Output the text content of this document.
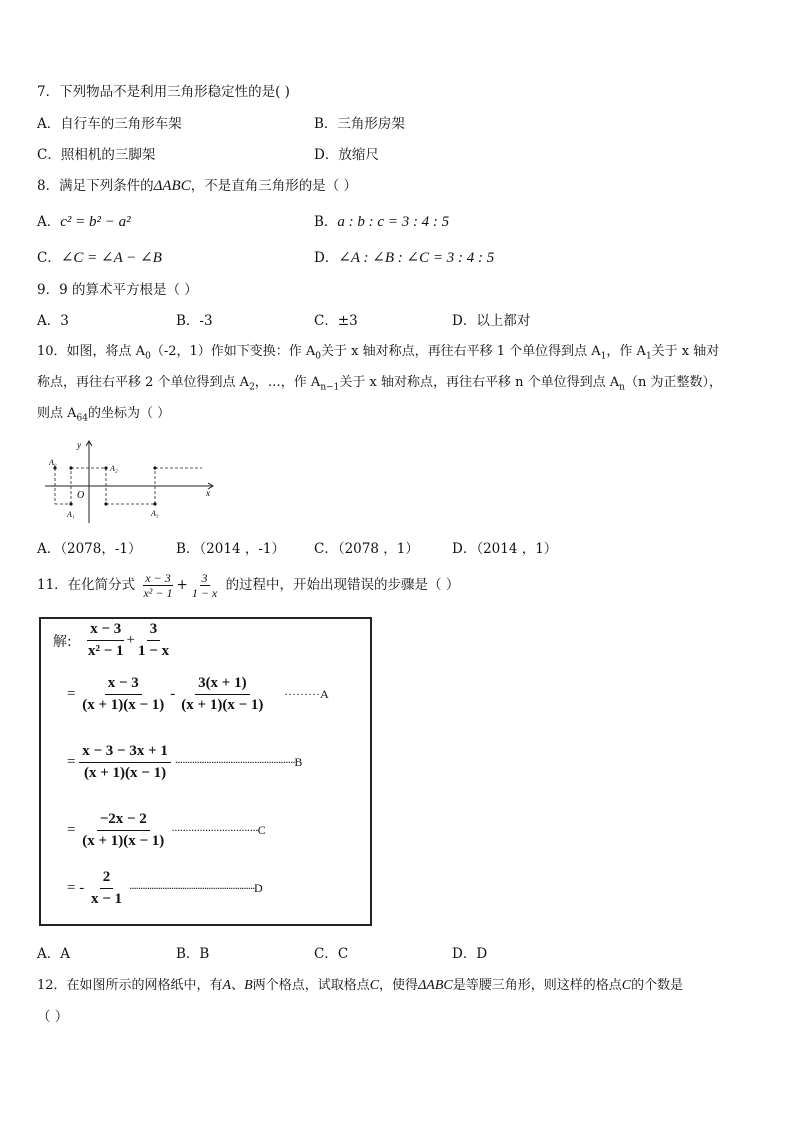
7．下列物品不是利用三角形稳定性的是( )
A．自行车的三角形车架	B．三角形房架
C．照相机的三脚架	D．放缩尺
8．满足下列条件的ΔABC，不是直角三角形的是（ ）
A．c² = b² − a²	B．a : b : c = 3 : 4 : 5
C．∠C = ∠A − ∠B	D．∠A : ∠B : ∠C = 3 : 4 : 5
9．9 的算术平方根是（ ）
A．3	B．-3	C．±3	D．以上都对
10．如图，将点 $A_0(-2$，1）作如下变换：作 $A_0$关于 x 轴对称点，再往右平移 1 个单位得到点 $A_1$，作 $A_1$关于 x 轴对
称点，再往右平移 2 个单位得到点 $A_2$，…，作 $A_{n-1}$关于 x 轴对称点，再往右平移 n 个单位得到点 $A_n(n$ 为正整数），
则点 $A_{64}$的坐标为（ ）
y
x
O
A₀
A₁
A₂
A₃
A．（2078，-1）	B．（2014 ，-1） C．（2078 ，1） D．（2014 ，1）
11．在化简分式 $\frac{x - 3}{\text{x² − 1}} + \frac{3}{1 - x}$ 的过程中，开始出现错误的步骤是（ ）
解: $\frac{x - 3}{\text{x² − 1}} + \frac{3}{1 - x}$
= $\frac{x - 3}{(x + 1)(x - 1)} - \frac{3(x + 1)}{(x + 1)(x - 1)} \cdot\cdot\cdot\cdot\cdot\cdot\cdot\cdot\cdot A$
= $\frac{x - 3 - 3x + 1}{(x + 1)(x - 1)} \cdot\cdot\cdot\cdot\cdot\cdot\cdot\cdot\cdot\cdot\cdot\cdot\cdot\cdot\cdot\cdot\cdot\cdot\cdot\cdot\cdot\cdot\cdot\cdot\cdot\cdot\cdot\cdot\cdot\cdot\cdot\cdot\cdot\cdot\cdot\cdot\cdot\cdot\cdot\cdot\cdot\cdot\cdot\cdot\cdot\cdot\cdot\cdot\cdot\cdot B$
= $\frac{-2x - 2}{(x + 1)(x - 1)} \cdot\cdot\cdot\cdot\cdot\cdot\cdot\cdot\cdot\cdot\cdot\cdot\cdot\cdot\cdot\cdot\cdot\cdot\cdot\cdot\cdot\cdot\cdot\cdot\cdot\cdot\cdot\cdot\cdot\cdot\cdot C$
= - $\frac{2}{x - 1} \cdot\cdot\cdot\cdot\cdot\cdot\cdot\cdot\cdot\cdot\cdot\cdot\cdot\cdot\cdot\cdot\cdot\cdot\cdot\cdot\cdot\cdot\cdot\cdot\cdot\cdot\cdot\cdot\cdot\cdot\cdot\cdot\cdot\cdot\cdot\cdot\cdot\cdot\cdot\cdot\cdot\cdot\cdot\cdot\cdot\cdot\cdot\cdot\cdot\cdot\cdot\cdot\cdot\cdot\cdot\cdot\cdot D$
A．A	B．B	C．C	D．D
12．在如图所示的网格纸中，有A、B两个格点，试取格点C，使得ΔABC是等腰三角形，则这样的格点C的个数是
（ ）
